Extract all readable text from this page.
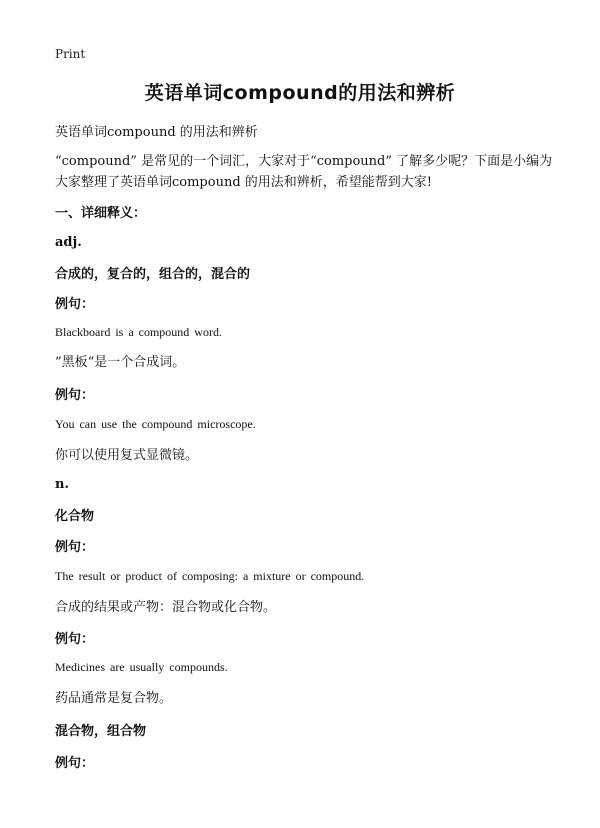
Print
英语单词compound的用法和辨析
英语单词compound 的用法和辨析
“compound” 是常见的一个词汇，大家对于“compound” 了解多少呢？下面是小编为
大家整理了英语单词compound 的用法和辨析，希望能帮到大家!
一、详细释义：
adj.
合成的，复合的，组合的，混合的
例句：
Blackboard is a compound word.
”黑板“是一个合成词。
例句：
You can use the compound microscope.
你可以使用复式显微镜。
n.
化合物
例句：
The result or product of composing: a mixture or compound.
合成的结果或产物：混合物或化合物。
例句：
Medicines are usually compounds.
药品通常是复合物。
混合物，组合物
例句：
